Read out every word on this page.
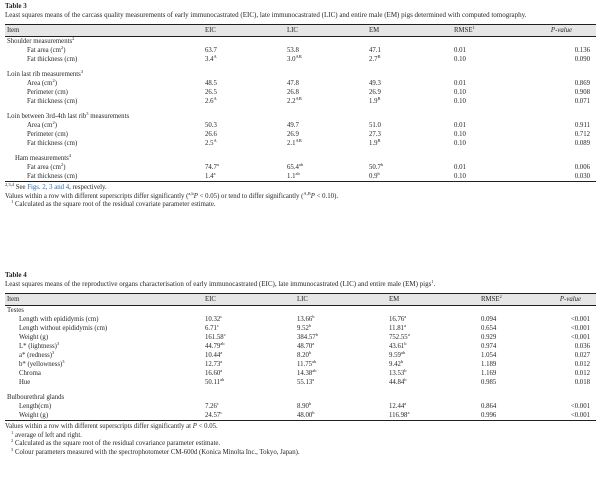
Table 3
Least squares means of the carcass quality measurements of early immunocastrated (EIC), late immunocastrated (LIC) and entire male (EM) pigs determined with computed tomography.
Item	EIC	LIC	EM	RMSE$^1$	P-value
Shoulder measurements$^2$
Fat area $(cm^2)$	63.7	53.8	47.1	0.01	0.136
Fat thickness (cm)	$3.4^A$	$3.0^{AB}$	$2.7^B$	0.10	0.090

Loin last rib measurements$^3$
Area $(cm^2)$	48.5	47.8	49.3	0.01	0.869
Perimeter (cm)	26.5	26.8	26.9	0.10	0.908
Fat thickness (cm)	$2.6^A$	$2.2^{AB}$	$1.9^B$	0.10	0.071

Loin between 3rd-4th last rib$^3$ measurements					
Area $(cm^2)$	50.3	49.7	51.0	0.01	0.911
Perimeter (cm)	26.6	26.9	27.3	0.10	0.712
Fat thickness (cm)	$2.5^A$	$2.1^{AB}$	$1.9^B$	0.10	0.089

Ham measurements$^4$
Fat area $(cm^2)$	74.7$^a$	65.4$^{ab}$	50.7$^b$	0.01	0.006
Fat thickness (cm)	1.4$^a$	1.1$^{ab}$	0.9$^b$	0.10	0.030
$^{2,3,4}$ See Figs. 2, 3 and 4, respectively.
Values within a row with different superscripts differ significantly ($^{a,b}$P < 0.05) or tend to differ significantly ($^{A,B}$P < 0.10).
$^1$ Calculated as the square root of the residual covariate parameter estimate.
Table 4
Least squares means of the reproductive organs characterisation of early immunocastrated (EIC), late immunocastrated (LIC) and entire male (EM) pigs$^1$.
Item	EIC	LIC	EM	RMSE$^2$	P-value
Testes					
Length with epididymis (cm)	10.32$^c$	13.66$^b$	16.76$^a$	0.094	<0.001
Length without epididymis (cm)	6.71$^c$	9.52$^b$	11.81$^a$	0.654	<0.001
Weight (g)	161.58$^c$	384.57$^b$	752.55$^a$	0.929	<0.001
L* (lightness)$^3$	44.79$^{ab}$	48.70$^a$	43.61$^b$	0.974	0.036
a* (redness)$^3$	10.44$^a$	8.20$^b$	9.59$^{ab}$	1.054	0.027
b* (yellowness)$^3$	12.73$^a$	11.75$^{ab}$	9.42$^b$	1.189	0.012
Chroma	16.60$^a$	14.38$^{ab}$	13.53$^b$	1.169	0.012
Hue	50.11$^{ab}$	55.13$^a$	44.84$^b$	0.985	0.018

Bulbourethral glands					
Length(cm)	7.26$^c$	8.90$^b$	12.44$^a$	0.864	<0.001
Weight (g)	24.57$^c$	48.00$^b$	116.98$^a$	0.996	<0.001
Values within a row with different superscripts differ significantly at P < 0.05.
$^1$ average of left and right.
$^2$ Calculated as the square root of the residual covariance parameter estimate.
$^3$ Colour parameters measured with the spectrophotometer CM-600d (Konica Minolta Inc., Tokyo, Japan).
